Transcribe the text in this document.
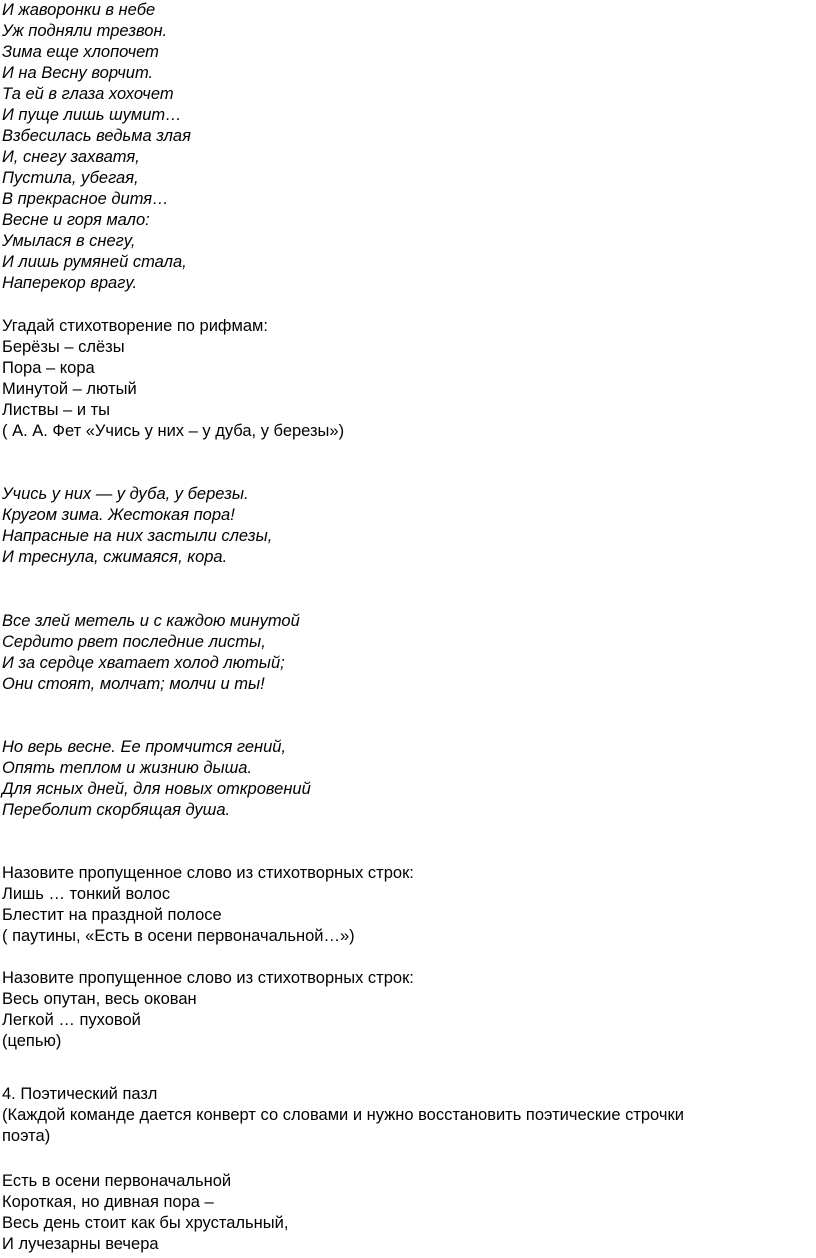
И жаворонки в небе
Уж подняли трезвон.
Зима еще хлопочет
И на Весну ворчит.
Та ей в глаза хохочет
И пуще лишь шумит…
Взбесилась ведьма злая
И, снегу захватя,
Пустила, убегая,
В прекрасное дитя…
Весне и горя мало:
Умылася в снегу,
И лишь румяней стала,
Наперекор врагу.
Угадай стихотворение по рифмам:
Берёзы – слёзы
Пора – кора
Минутой – лютый
Листвы – и ты
( А. А. Фет «Учись у них – у дуба, у березы»)
Учись у них — у дуба, у березы.
Кругом зима. Жестокая пора!
Напрасные на них застыли слезы,
И треснула, сжимаяся, кора.
Все злей метель и с каждою минутой
Сердито рвет последние листы,
И за сердце хватает холод лютый;
Они стоят, молчат; молчи и ты!
Но верь весне. Ее промчится гений,
Опять теплом и жизнию дыша.
Для ясных дней, для новых откровений
Переболит скорбящая душа.
Назовите пропущенное слово из стихотворных строк:
Лишь … тонкий волос
Блестит на праздной полосе
( паутины, «Есть в осени первоначальной…»)
Назовите пропущенное слово из стихотворных строк:
Весь опутан, весь окован
Легкой … пуховой
(цепью)
4. Поэтический пазл
(Каждой команде дается конверт со словами и нужно восстановить поэтические строчки
поэта)
Есть в осени первоначальной
Короткая, но дивная пора –
Весь день стоит как бы хрустальный,
И лучезарны вечера
